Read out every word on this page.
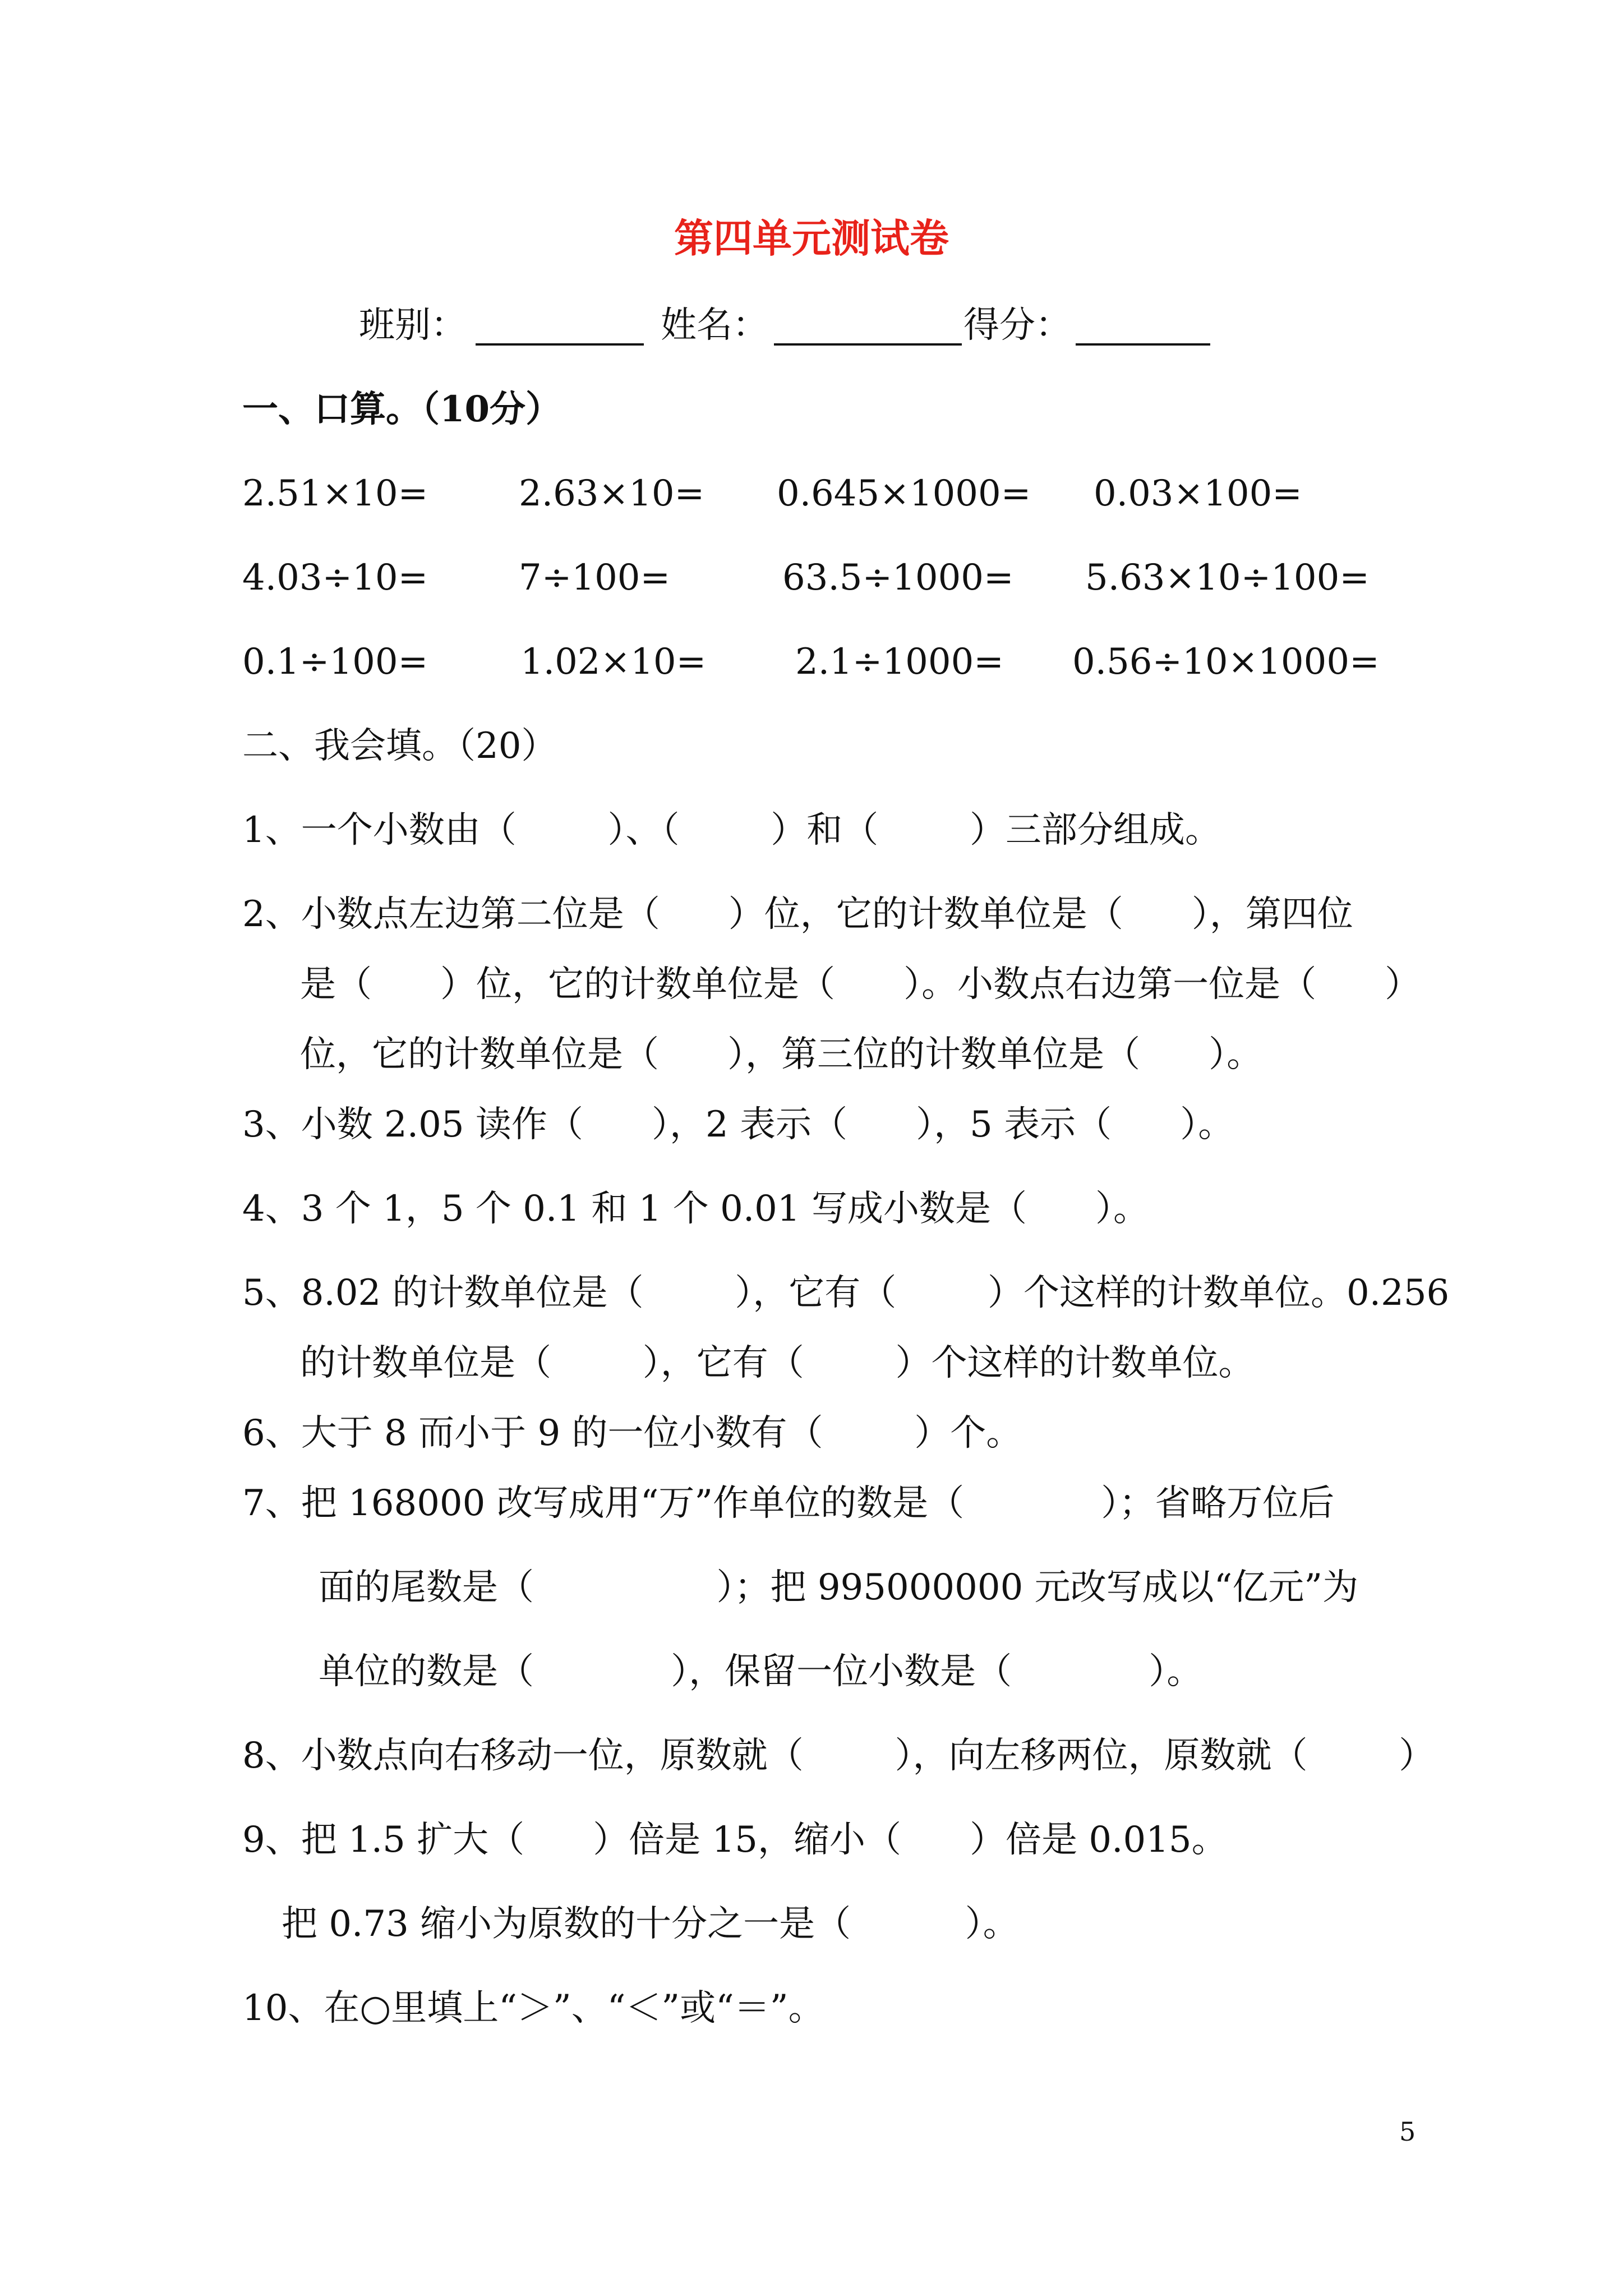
第四单元测试卷
班别：	姓名：	得分：
一、口算。（10分）
2.51×10=	2.63×10= 0.645×1000= 0.03×100=
4.03÷10=	7÷100=	63.5÷1000= 5.63×10÷100=
0.1÷100=	1.02×10= 2.1÷1000= 0.56÷10×1000=
二、我会填。（20）
1、一个小数由（        ）、（        ）和（        ）三部分组成。
2、小数点左边第二位是（      ）位，它的计数单位是（      ），第四位
是（      ）位，它的计数单位是（      ）。小数点右边第一位是（      ）
位，它的计数单位是（      ），第三位的计数单位是（      ）。
3、小数 2.05 读作（      ），2 表示（      ），5 表示（      ）。
4、3 个 1，5 个 0.1 和 1 个 0.01 写成小数是（      ）。
5、8.02 的计数单位是（        ），它有（        ）个这样的计数单位。0.256
的计数单位是（        ），它有（        ）个这样的计数单位。
6、大于 8 而小于 9 的一位小数有（        ）个。
7、把 168000 改写成用“万”作单位的数是（            ）；省略万位后
面的尾数是（                ）；把 995000000 元改写成以“亿元”为
单位的数是（            ），保留一位小数是（            ）。
8、小数点向右移动一位，原数就（        ），向左移两位，原数就（        ）
9、把 1.5 扩大（      ）倍是 15，缩小（      ）倍是 0.015。
把 0.73 缩小为原数的十分之一是（          ）。
10、在○里填上“＞”、“＜”或“＝”。
5
